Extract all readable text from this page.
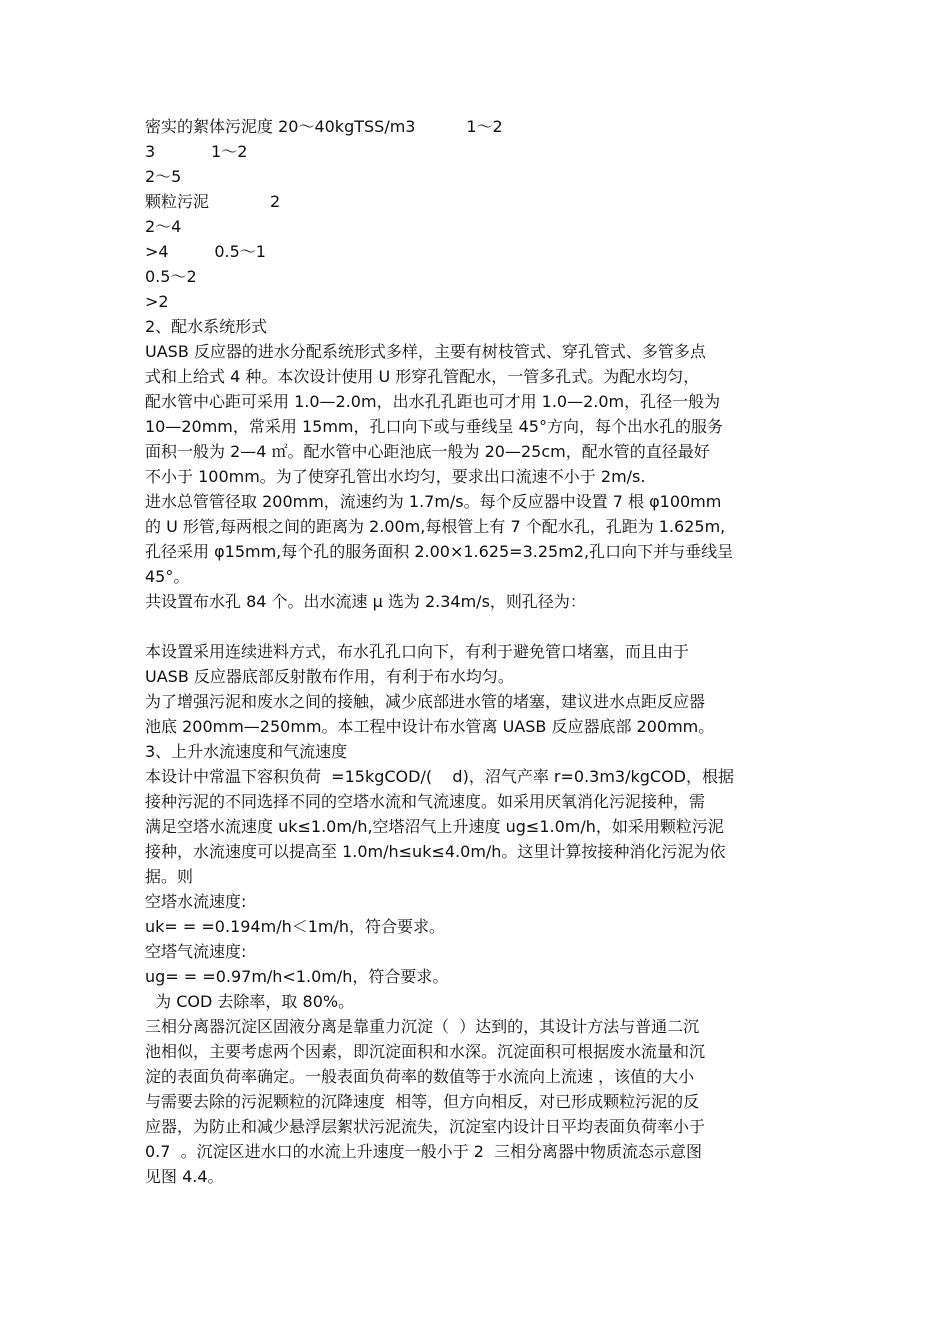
密实的絮体污泥度 20～40kgTSS/m3          1～2
3           1～2
2～5
颗粒污泥            2
2～4
>4         0.5～1
0.5～2
>2
2、配水系统形式
UASB 反应器的进水分配系统形式多样，主要有树枝管式、穿孔管式、多管多点
式和上给式 4 种。本次设计使用 U 形穿孔管配水，一管多孔式。为配水均匀，
配水管中心距可采用 1.0—2.0m，出水孔孔距也可才用 1.0—2.0m，孔径一般为
10—20mm，常采用 15mm，孔口向下或与垂线呈 45°方向，每个出水孔的服务
面积一般为 2—4 ㎡。配水管中心距池底一般为 20—25cm，配水管的直径最好
不小于 100mm。为了使穿孔管出水均匀，要求出口流速不小于 2m/s.
进水总管管径取 200mm，流速约为 1.7m/s。每个反应器中设置 7 根 φ100mm
的 U 形管,每两根之间的距离为 2.00m,每根管上有 7 个配水孔，孔距为 1.625m,
孔径采用 φ15mm,每个孔的服务面积 2.00×1.625=3.25m2,孔口向下并与垂线呈
45°。
共设置布水孔 84 个。出水流速 μ 选为 2.34m/s，则孔径为：
本设置采用连续进料方式，布水孔孔口向下，有利于避免管口堵塞，而且由于
UASB 反应器底部反射散布作用，有利于布水均匀。
为了增强污泥和废水之间的接触，减少底部进水管的堵塞，建议进水点距反应器
池底 200mm—250mm。本工程中设计布水管离 UASB 反应器底部 200mm。
3、上升水流速度和气流速度
本设计中常温下容积负荷  =15kgCOD/(    d)，沼气产率 r=0.3m3/kgCOD，根据
接种污泥的不同选择不同的空塔水流和气流速度。如采用厌氧消化污泥接种，需
满足空塔水流速度 uk≤1.0m/h,空塔沼气上升速度 ug≤1.0m/h，如采用颗粒污泥
接种，水流速度可以提高至 1.0m/h≤uk≤4.0m/h。这里计算按接种消化污泥为依
据。则
空塔水流速度:
uk= = =0.194m/h＜1m/h，符合要求。
空塔气流速度:
ug= = =0.97m/h<1.0m/h，符合要求。
为 COD 去除率，取 80%。
三相分离器沉淀区固液分离是靠重力沉淀（  ）达到的，其设计方法与普通二沉
池相似，主要考虑两个因素，即沉淀面积和水深。沉淀面积可根据废水流量和沉
淀的表面负荷率确定。一般表面负荷率的数值等于水流向上流速 ，该值的大小
与需要去除的污泥颗粒的沉降速度  相等，但方向相反，对已形成颗粒污泥的反
应器，为防止和减少悬浮层絮状污泥流失，沉淀室内设计日平均表面负荷率小于
0.7  。沉淀区进水口的水流上升速度一般小于 2  三相分离器中物质流态示意图
见图 4.4。
